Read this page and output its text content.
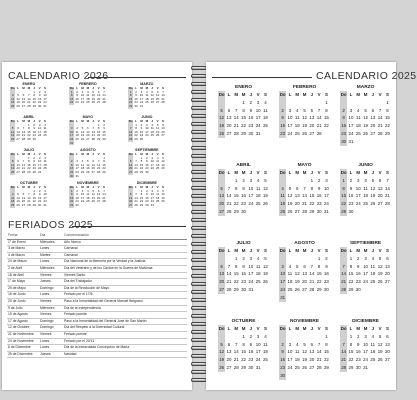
CALENDARIO 2026
ENERO
Do	L	M	M	J	V	S
				1	2	3
4	5	6	7	8	9	10
11	12	13	14	15	16	17
18	19	20	21	22	23	24
25	26	27	28	29	30	31
FEBRERO
Do	L	M	M	J	V	S
1	2	3	4	5	6	7
8	9	10	11	12	13	14
15	16	17	18	19	20	21
22	23	24	25	26	27	28
MARZO
Do	L	M	M	J	V	S
1	2	3	4	5	6	7
8	9	10	11	12	13	14
15	16	17	18	19	20	21
22	23	24	25	26	27	28
29	30	31				
ABRIL
Do	L	M	M	J	V	S
			1	2	3	4
5	6	7	8	9	10	11
12	13	14	15	16	17	18
19	20	21	22	23	24	25
26	27	28	29	30		
MAYO
Do	L	M	M	J	V	S
					1	2
3	4	5	6	7	8	9
10	11	12	13	14	15	16
17	18	19	20	21	22	23
24	25	26	27	28	29	30
31						
JUNIO
Do	L	M	M	J	V	S
	1	2	3	4	5	6
7	8	9	10	11	12	13
14	15	16	17	18	19	20
21	22	23	24	25	26	27
28	29	30				
JULIO
Do	L	M	M	J	V	S
			1	2	3	4
5	6	7	8	9	10	11
12	13	14	15	16	17	18
19	20	21	22	23	24	25
26	27	28	29	30	31	
AGOSTO
Do	L	M	M	J	V	S
						1
2	3	4	5	6	7	8
9	10	11	12	13	14	15
16	17	18	19	20	21	22
23	24	25	26	27	28	29
30	31					
SEPTIEMBRE
Do	L	M	M	J	V	S
		1	2	3	4	5
6	7	8	9	10	11	12
13	14	15	16	17	18	19
20	21	22	23	24	25	26
27	28	29	30			
OCTUBRE
Do	L	M	M	J	V	S
				1	2	3
4	5	6	7	8	9	10
11	12	13	14	15	16	17
18	19	20	21	22	23	24
25	26	27	28	29	30	31
NOVIEMBRE
Do	L	M	M	J	V	S
1	2	3	4	5	6	7
8	9	10	11	12	13	14
15	16	17	18	19	20	21
22	23	24	25	26	27	28
29	30					
DICIEMBRE
Do	L	M	M	J	V	S
		1	2	3	4	5
6	7	8	9	10	11	12
13	14	15	16	17	18	19
20	21	22	23	24	25	26
27	28	29	30	31		
FERIADOS 2025
Fecha	Día	Conmemoración
1° de Enero	Miércoles	Año Nuevo
3 de Marzo	Lunes	Carnaval
4 de Marzo	Martes	Carnaval
24 de Marzo	Lunes	Día Nacional de la Memoria por la Verdad y la Justicia
2 de Abril	Miércoles	Día del Veterano y de los Caídos en la Guerra de Malvinas
18 de Abril	Viernes	Viernes Santo
1° de Mayo	Jueves	Día del Trabajador
25 de Mayo	Domingo	Día de la Revolución de Mayo
16 de Junio	Lunes	Feriado por el 17/6
20 de Junio	Viernes	Paso a la Inmortalidad del General Manuel Belgrano
9 de Julio	Miércoles	Día de la Independencia
15 de Agosto	Viernes	Feriado puente
17 de Agosto	Domingo	Paso a la Inmortalidad del General José de San Martín
12 de Octubre	Domingo	Día del Respeto a la Diversidad Cultural
21 de Noviembre	Viernes	Feriado puente
24 de Noviembre	Lunes	Feriado por el 20/11
8 de Diciembre	Lunes	Día de la Inmaculada Concepción de María
25 de Diciembre	Jueves	Navidad
CALENDARIO 2025
ENERO
Do	L	M	M	J	V	S
			1	2	3	4
5	6	7	8	9	10	11
12	13	14	15	16	17	18
19	20	21	22	23	24	25
26	27	28	29	30	31	
FEBRERO
Do	L	M	M	J	V	S
						1
2	3	4	5	6	7	8
9	10	11	12	13	14	15
16	17	18	19	20	21	22
23	24	25	26	27	28	
MARZO
Do	L	M	M	J	V	S
						1
2	3	4	5	6	7	8
9	10	11	12	13	14	15
16	17	18	19	20	21	22
23	24	25	26	27	28	29
30	31					
ABRIL
Do	L	M	M	J	V	S
		1	2	3	4	5
6	7	8	9	10	11	12
13	14	15	16	17	18	19
20	21	22	23	24	25	26
27	28	29	30			
MAYO
Do	L	M	M	J	V	S
				1	2	3
4	5	6	7	8	9	10
11	12	13	14	15	16	17
18	19	20	21	22	23	24
25	26	27	28	29	30	31
JUNIO
Do	L	M	M	J	V	S
1	2	3	4	5	6	7
8	9	10	11	12	13	14
15	16	17	18	19	20	21
22	23	24	25	26	27	28
29	30					
JULIO
Do	L	M	M	J	V	S
		1	2	3	4	5
6	7	8	9	10	11	12
13	14	15	16	17	18	19
20	21	22	23	24	25	26
27	28	29	30	31		
AGOSTO
Do	L	M	M	J	V	S
					1	2
3	4	5	6	7	8	9
10	11	12	13	14	15	16
17	18	19	20	21	22	23
24	25	26	27	28	29	30
31						
SEPTIEMBRE
Do	L	M	M	J	V	S
	1	2	3	4	5	6
7	8	9	10	11	12	13
14	15	16	17	18	19	20
21	22	23	24	25	26	27
28	29	30				
OCTUBRE
Do	L	M	M	J	V	S
			1	2	3	4
5	6	7	8	9	10	11
12	13	14	15	16	17	18
19	20	21	22	23	24	25
26	27	28	29	30	31	
NOVIEMBRE
Do	L	M	M	J	V	S
						1
2	3	4	5	6	7	8
9	10	11	12	13	14	15
16	17	18	19	20	21	22
23	24	25	26	27	28	29
30						
DICIEMBRE
Do	L	M	M	J	V	S
	1	2	3	4	5	6
7	8	9	10	11	12	13
14	15	16	17	18	19	20
21	22	23	24	25	26	27
28	29	30	31			
